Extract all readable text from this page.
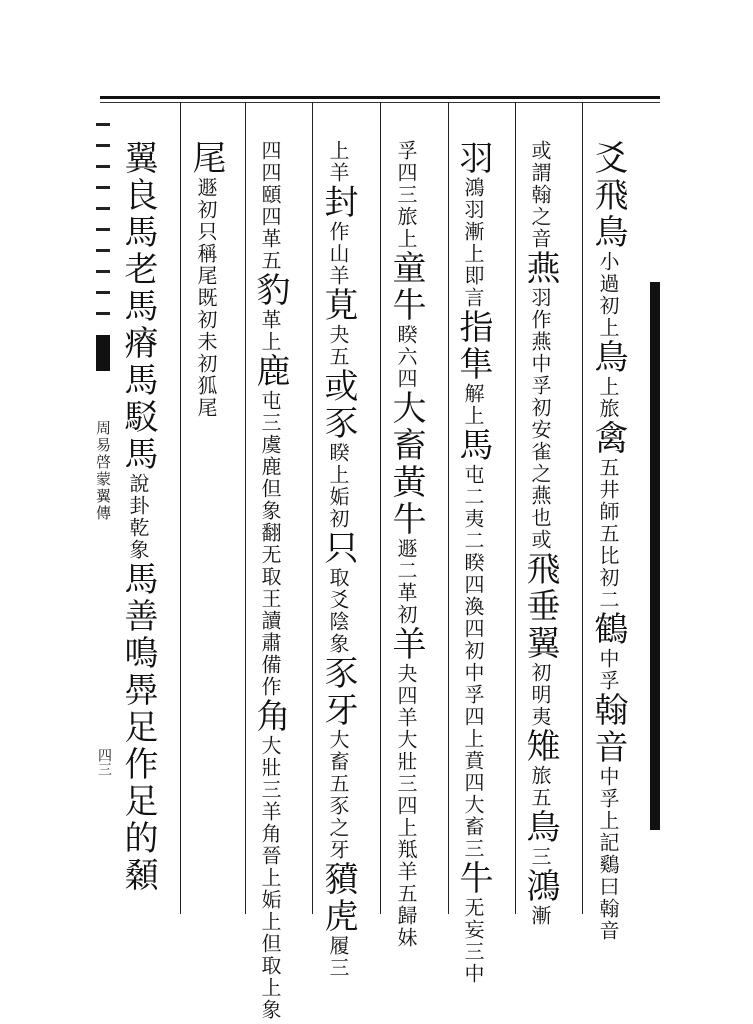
周易啓蒙翼傳
四三
爻飛鳥小過初上鳥上旅禽五井師五比初二鶴中孚翰音中孚上記鷄曰翰音
或謂翰之音燕羽作燕中孚初安雀之燕也或飛垂翼初明夷雉旅五鳥三鴻漸
羽鴻羽漸上即言指隼解上馬屯二夷二睽四渙四初中孚四上賁四大畜三牛无妄三中
孚四三旅上童牛睽六四大畜黃牛遯二革初羊夬四羊大壯三四上羝羊五歸妹
上羊封作山羊莧夬五或豕睽上姤初只取爻陰象豕牙大畜五豕之牙豶虎履三
四四頤四革五豹革上鹿屯三虞鹿但象翻无取王讀肅備作角大壯三羊角晉上姤上但取上象
尾遯初只稱尾既初未初狐尾
翼良馬老馬瘠馬駁馬說卦乾象馬善鳴馵足作足的顙
